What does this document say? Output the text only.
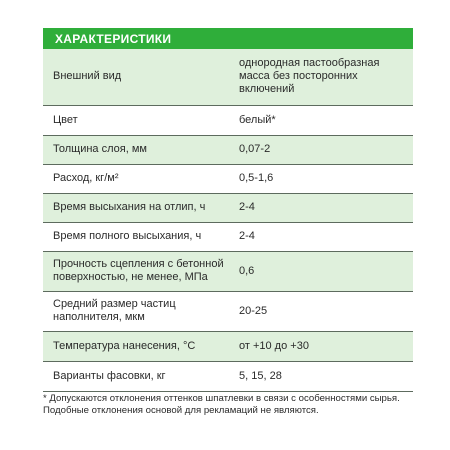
ХАРАКТЕРИСТИКИ
Внешний вид	однородная пастообразная масса без посторонних включений
Цвет	белый*
Толщина слоя, мм	0,07-2
Расход, кг/м²	0,5-1,6
Время высыхания на отлип, ч	2-4
Время полного высыхания, ч	2-4
Прочность сцепления с бетонной поверхностью, не менее, МПа	0,6
Средний размер частиц наполнителя, мкм	20-25
Температура нанесения, °С	от +10 до +30
Варианты фасовки, кг	5, 15, 28
* Допускаются отклонения оттенков шпатлевки в связи с особенностями сырья. Подобные отклонения основой для рекламаций не являются.
